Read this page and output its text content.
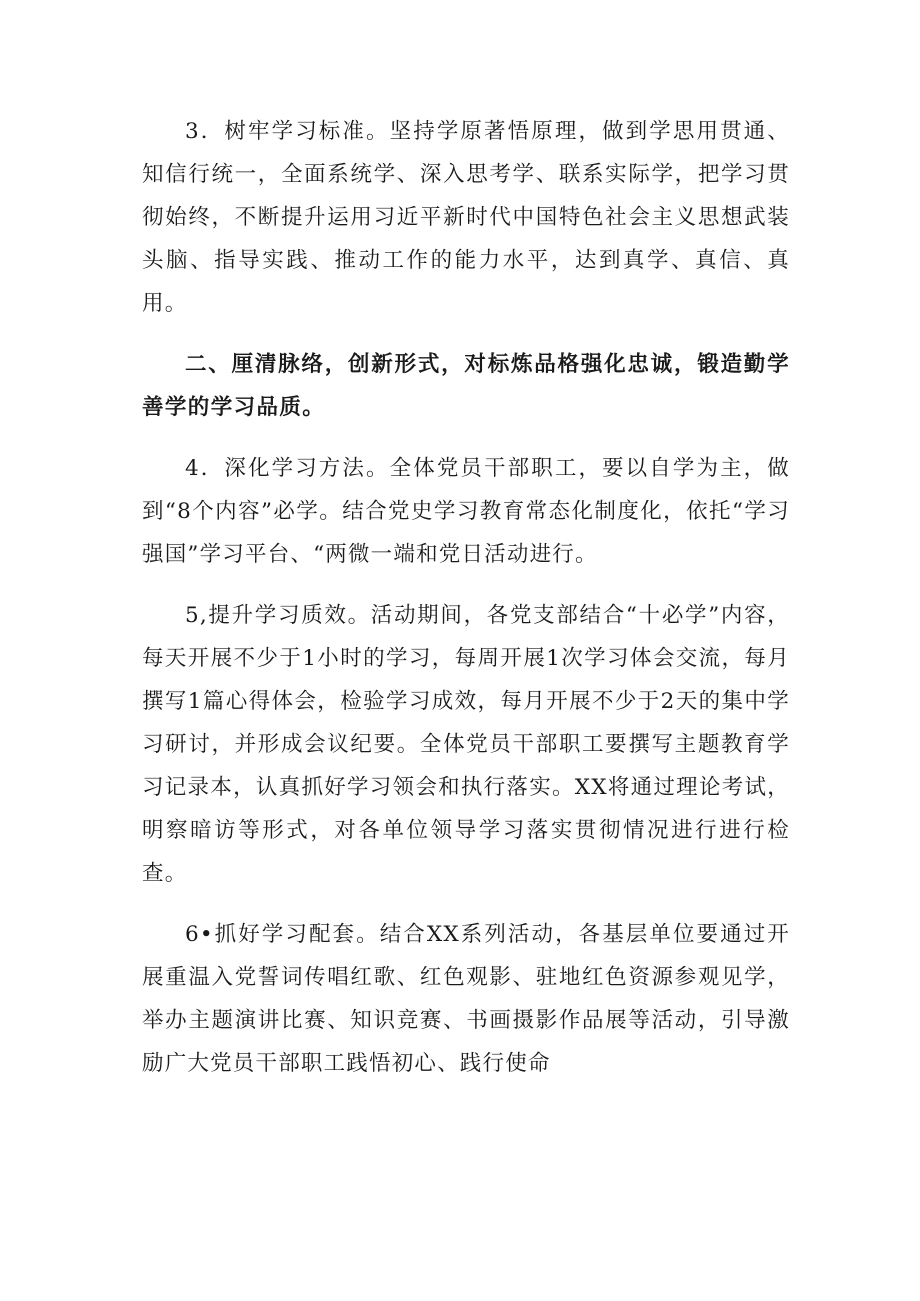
3．树牢学习标准。坚持学原著悟原理，做到学思用贯通、知信行统一，全面系统学、深入思考学、联系实际学，把学习贯彻始终，不断提升运用习近平新时代中国特色社会主义思想武装头脑、指导实践、推动工作的能力水平，达到真学、真信、真用。

二、厘清脉络，创新形式，对标炼品格强化忠诚，锻造勤学善学的学习品质。

4．深化学习方法。全体党员干部职工，要以自学为主，做到“8个内容”必学。结合党史学习教育常态化制度化，依托“学习强国”学习平台、“两微一端和党日活动进行。

5,提升学习质效。活动期间，各党支部结合“十必学”内容，每天开展不少于1小时的学习，每周开展1次学习体会交流，每月撰写1篇心得体会，检验学习成效，每月开展不少于2天的集中学习研讨，并形成会议纪要。全体党员干部职工要撰写主题教育学习记录本，认真抓好学习领会和执行落实。XX将通过理论考试，明察暗访等形式，对各单位领导学习落实贯彻情况进行进行检查。

6•抓好学习配套。结合XX系列活动，各基层单位要通过开展重温入党誓词传唱红歌、红色观影、驻地红色资源参观见学，举办主题演讲比赛、知识竞赛、书画摄影作品展等活动，引导激励广大党员干部职工践悟初心、践行使命
